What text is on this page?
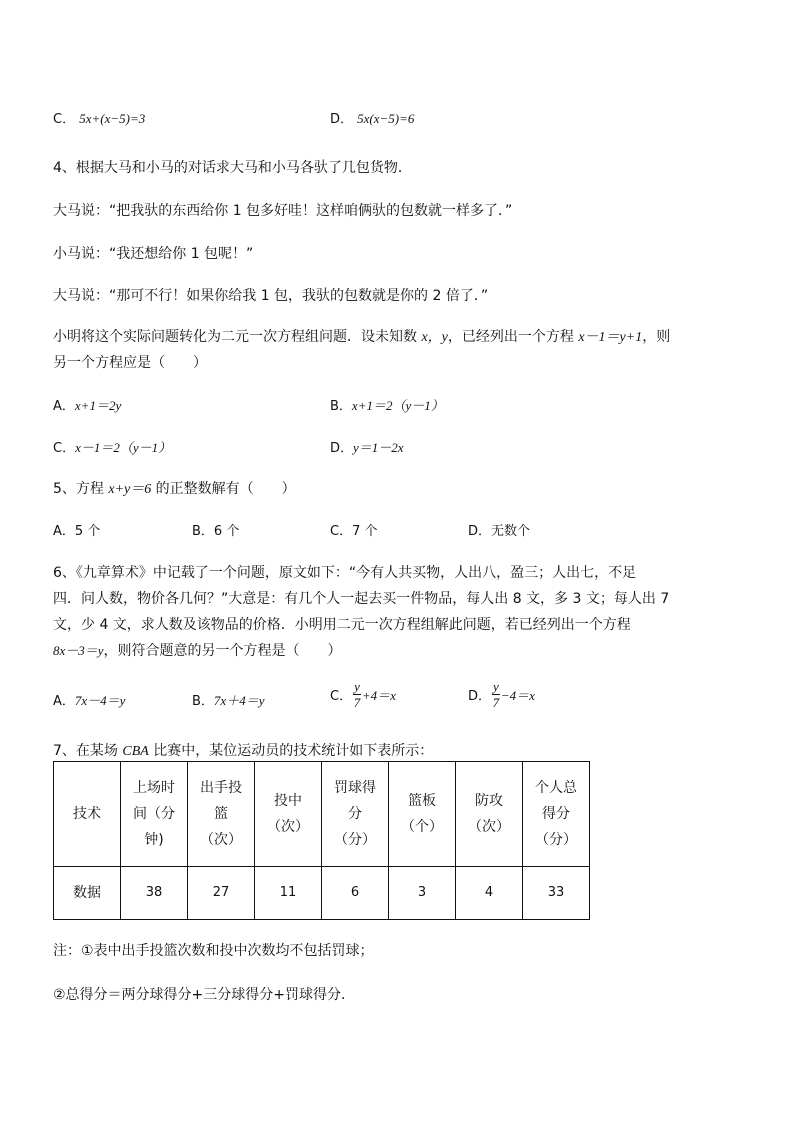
C． 5x+(x−5)=3	D． 5x(x−5)=6
4、根据大马和小马的对话求大马和小马各驮了几包货物．
大马说：“把我驮的东西给你 1 包多好哇！这样咱俩驮的包数就一样多了．”
小马说：“我还想给你 1 包呢！”
大马说：“那可不行！如果你给我 1 包，我驮的包数就是你的 2 倍了．”
小明将这个实际问题转化为二元一次方程组问题．设未知数 x，y，已经列出一个方程 x－1＝y+1，则
另一个方程应是（　　）
A．x+1＝2y	B．x+1＝2（y－1）
C．x－1＝2（y－1）	D．y＝1－2x
5、方程 x+y＝6 的正整数解有（　　）
A．5 个	B．6 个	C．7 个	D．无数个
6、《九章算术》中记载了一个问题，原文如下：“今有人共买物，人出八，盈三；人出七，不足
四．问人数，物价各几何？”大意是：有几个人一起去买一件物品，每人出 8 文，多 3 文；每人出 7
文，少 4 文，求人数及该物品的价格．小明用二元一次方程组解此问题，若已经列出一个方程
8x－3＝y，则符合题意的另一个方程是（　　）
A．7x－4＝y	B．7x＋4＝y	C． $\frac{y}{7} +4=x$	D． $\frac{y}{7} -4=x$
7、在某场 CBA 比赛中，某位运动员的技术统计如下表所示：
技术	上场时
间（分
钟)	出手投
篮
（次）	投中
（次）	罚球得
分
（分）	篮板
（个）	防攻
（次）	个人总
得分
（分）
数据	38	27	11	6	3	4	33
注：①表中出手投篮次数和投中次数均不包括罚球；
②总得分＝两分球得分+三分球得分+罚球得分．
